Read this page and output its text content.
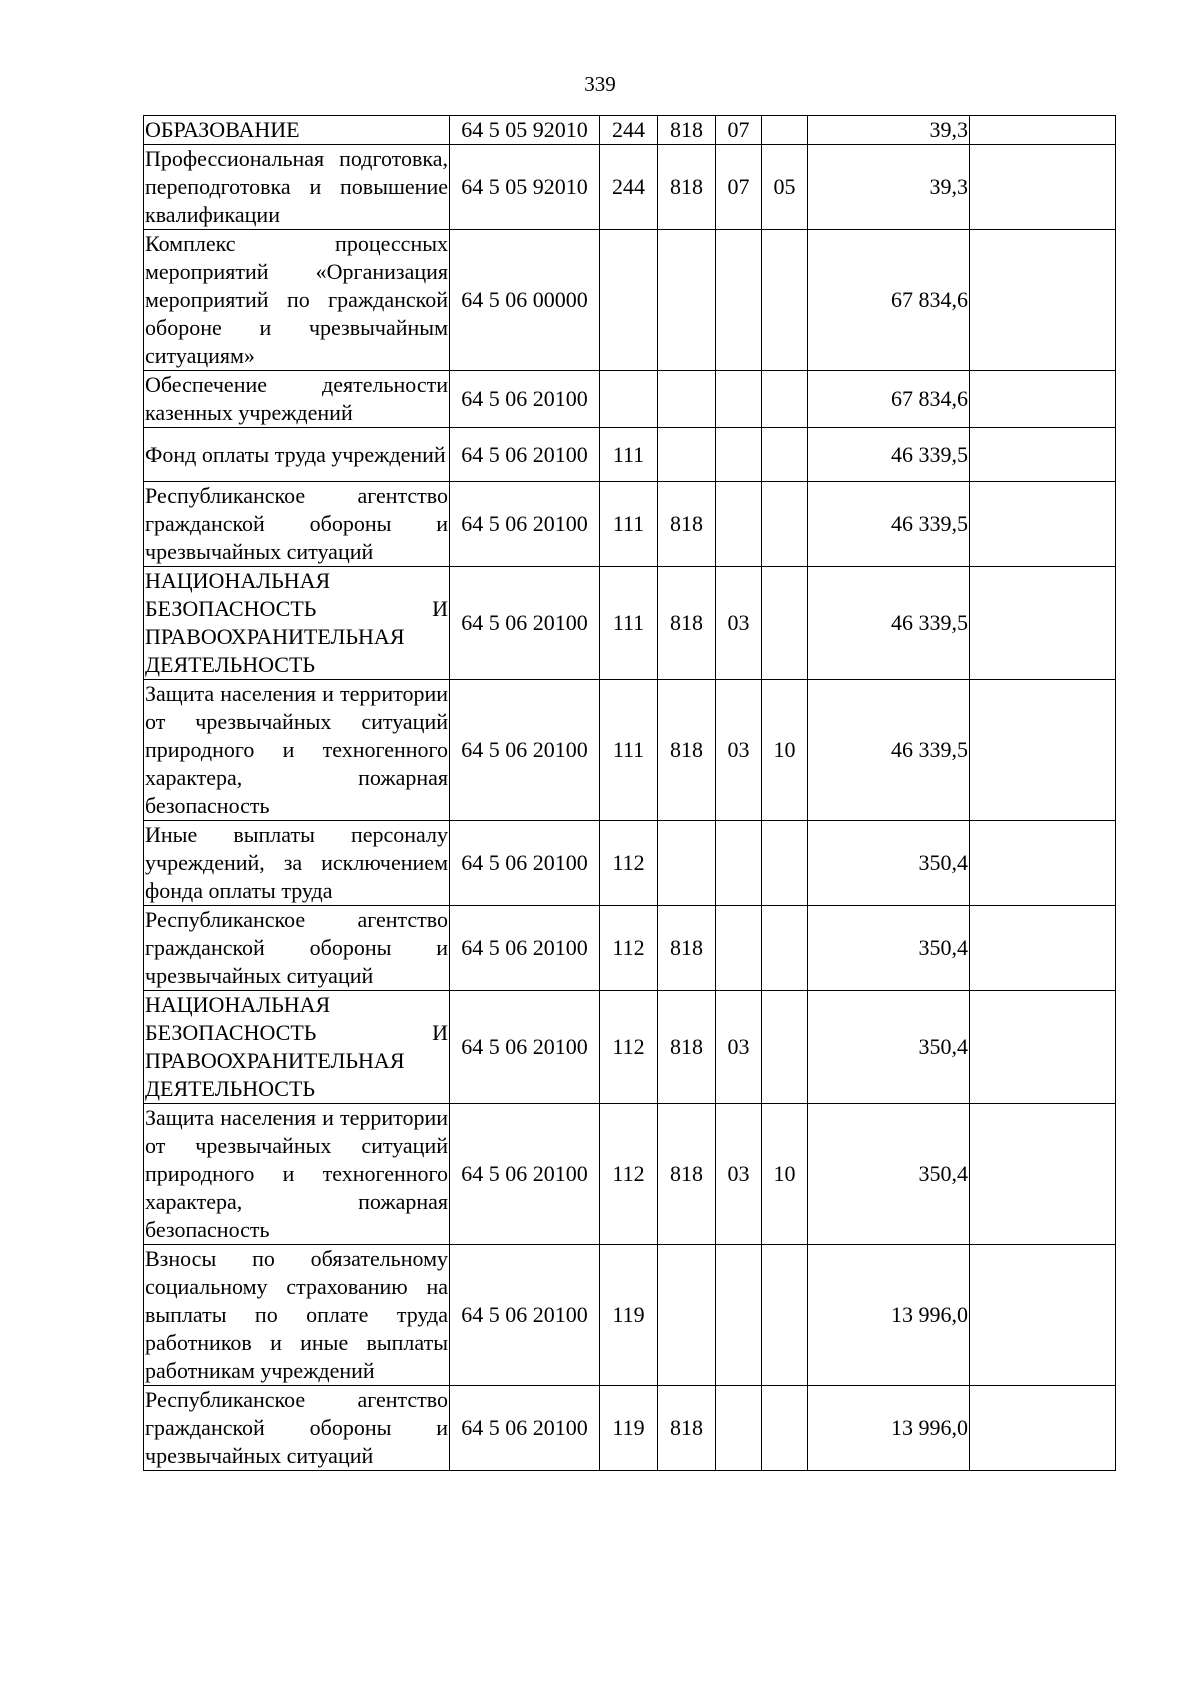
339
ОБРАЗОВАНИЕ	64 5 05 92010	244	818	07		39,3	
Профессиональная подготовка, переподготовка и повышение квалификации	64 5 05 92010	244	818	07	05	39,3	
Комплекс процессных мероприятий «Организация мероприятий по гражданской обороне и чрезвычайным ситуациям»	64 5 06 00000					67 834,6	
Обеспечение деятельности казенных учреждений	64 5 06 20100					67 834,6	
Фонд оплаты труда учреждений	64 5 06 20100	111				46 339,5	
Республиканское агентство гражданской обороны и чрезвычайных ситуаций	64 5 06 20100	111	818			46 339,5	
НАЦИОНАЛЬНАЯ БЕЗОПАСНОСТЬ И ПРАВООХРАНИТЕЛЬНАЯ ДЕЯТЕЛЬНОСТЬ	64 5 06 20100	111	818	03		46 339,5	
Защита населения и территории от чрезвычайных ситуаций природного и техногенного характера, пожарная безопасность	64 5 06 20100	111	818	03	10	46 339,5	
Иные выплаты персоналу учреждений, за исключением фонда оплаты труда	64 5 06 20100	112				350,4	
Республиканское агентство гражданской обороны и чрезвычайных ситуаций	64 5 06 20100	112	818			350,4	
НАЦИОНАЛЬНАЯ БЕЗОПАСНОСТЬ И ПРАВООХРАНИТЕЛЬНАЯ ДЕЯТЕЛЬНОСТЬ	64 5 06 20100	112	818	03		350,4	
Защита населения и территории от чрезвычайных ситуаций природного и техногенного характера, пожарная безопасность	64 5 06 20100	112	818	03	10	350,4	
Взносы по обязательному социальному страхованию на выплаты по оплате труда работников и иные выплаты работникам учреждений	64 5 06 20100	119				13 996,0	
Республиканское агентство гражданской обороны и чрезвычайных ситуаций	64 5 06 20100	119	818			13 996,0	
